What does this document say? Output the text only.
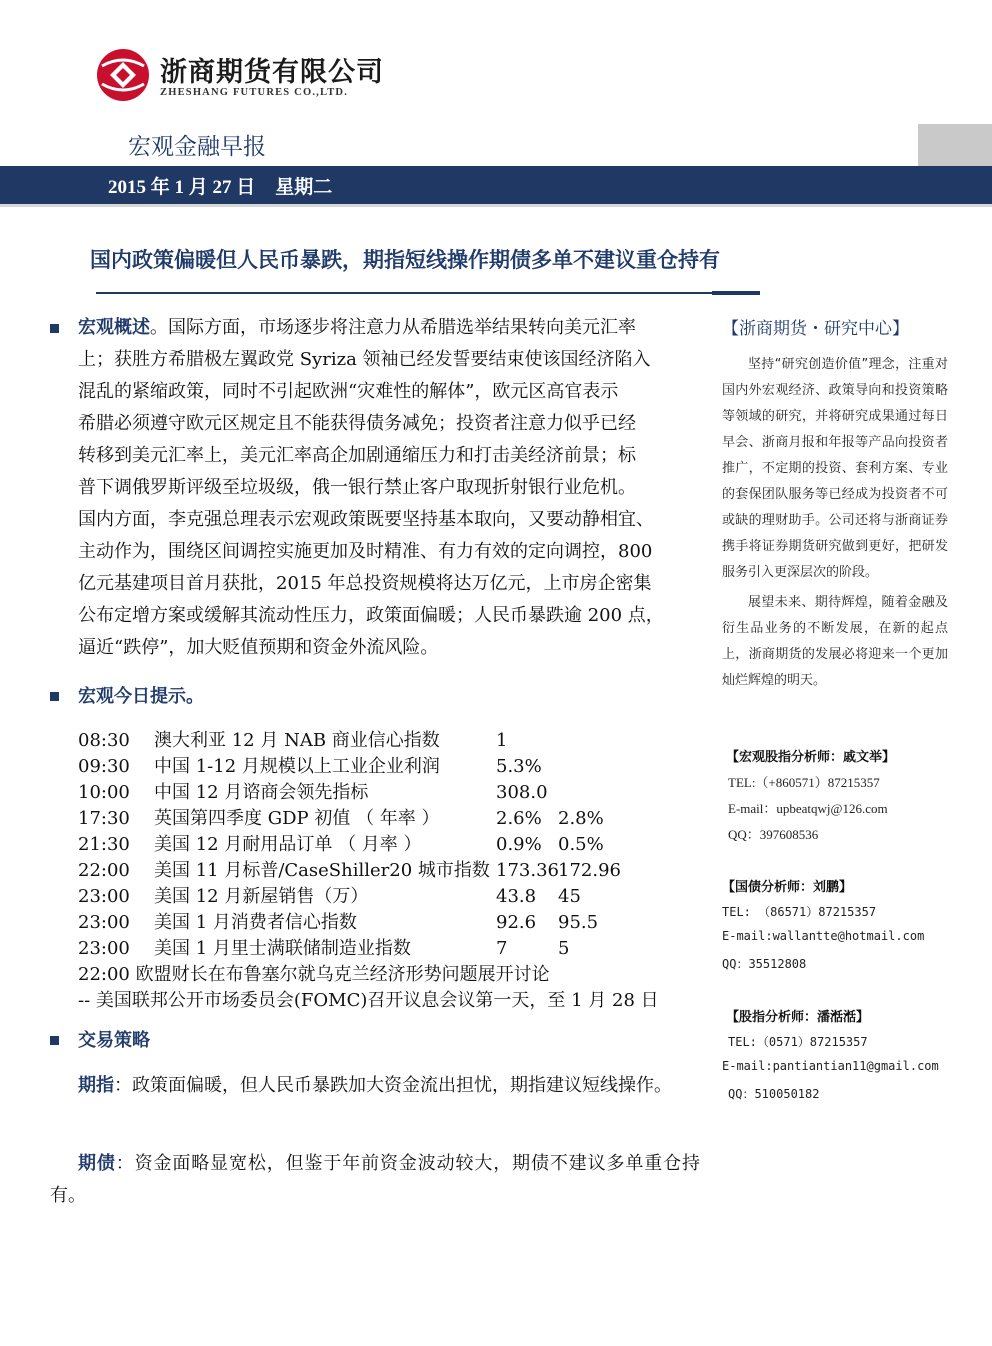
浙商期货有限公司
ZHESHANG FUTURES CO.,LTD.
宏观金融早报
2015 年 1 月 27 日 星期二
国内政策偏暖但人民币暴跌，期指短线操作期债多单不建议重仓持有
宏观概述。国际方面，市场逐步将注意力从希腊选举结果转向美元汇率
上；获胜方希腊极左翼政党 Syriza 领袖已经发誓要结束使该国经济陷入
混乱的紧缩政策，同时不引起欧洲“灾难性的解体”，欧元区高官表示
希腊必须遵守欧元区规定且不能获得债务减免；投资者注意力似乎已经
转移到美元汇率上，美元汇率高企加剧通缩压力和打击美经济前景；标
普下调俄罗斯评级至垃圾级，俄一银行禁止客户取现折射银行业危机。
国内方面，李克强总理表示宏观政策既要坚持基本取向，又要动静相宜、
主动作为，围绕区间调控实施更加及时精准、有力有效的定向调控，800
亿元基建项目首月获批，2015 年总投资规模将达万亿元，上市房企密集
公布定增方案或缓解其流动性压力，政策面偏暖；人民币暴跌逾 200 点，
逼近“跌停”，加大贬值预期和资金外流风险。
宏观今日提示。
08:30 澳大利亚 12 月 NAB 商业信心指数	1
09:30 中国 1-12 月规模以上工业企业利润	5.3%
10:00 中国 12 月谘商会领先指标	308.0
17:30 英国第四季度 GDP 初值 （ 年率 ）	2.6% 2.8%
21:30 美国 12 月耐用品订单 （ 月率 ）	0.9% 0.5%
22:00 美国 11 月标普/CaseShiller20 城市指数 173.36 172.96
23:00 美国 12 月新屋销售（万）	43.8 45
23:00 美国 1 月消费者信心指数	92.6 95.5
23:00 美国 1 月里士满联储制造业指数	7	5
22:00 欧盟财长在布鲁塞尔就乌克兰经济形势问题展开讨论
-- 美国联邦公开市场委员会(FOMC)召开议息会议第一天，至 1 月 28 日
交易策略
期指：政策面偏暖，但人民币暴跌加大资金流出担忧，期指建议短线操作。
期债：资金面略显宽松，但鉴于年前资金波动较大，期债不建议多单重仓持有。
【浙商期货・研究中心】

坚持“研究创造价值”理念，注重对国内外宏观经济、政策导向和投资策略等领域的研究，并将研究成果通过每日早会、浙商月报和年报等产品向投资者推广，不定期的投资、套利方案、专业的套保团队服务等已经成为投资者不可或缺的理财助手。公司还将与浙商证券携手将证券期货研究做到更好，把研发服务引入更深层次的阶段。

展望未来、期待辉煌，随着金融及衍生品业务的不断发展，在新的起点上，浙商期货的发展必将迎来一个更加灿烂辉煌的明天。

【宏观股指分析师：戚文举】
TEL:（+860571）87215357
E-mail：upbeatqwj@126.com
QQ：397608536
【国债分析师：刘鹏】
TEL: （86571）87215357
E-mail:wallantte@hotmail.com
QQ：35512808
【股指分析师：潘湉湉】
TEL:（0571）87215357
E-mail:pantiantian11@gmail.com
QQ：510050182
